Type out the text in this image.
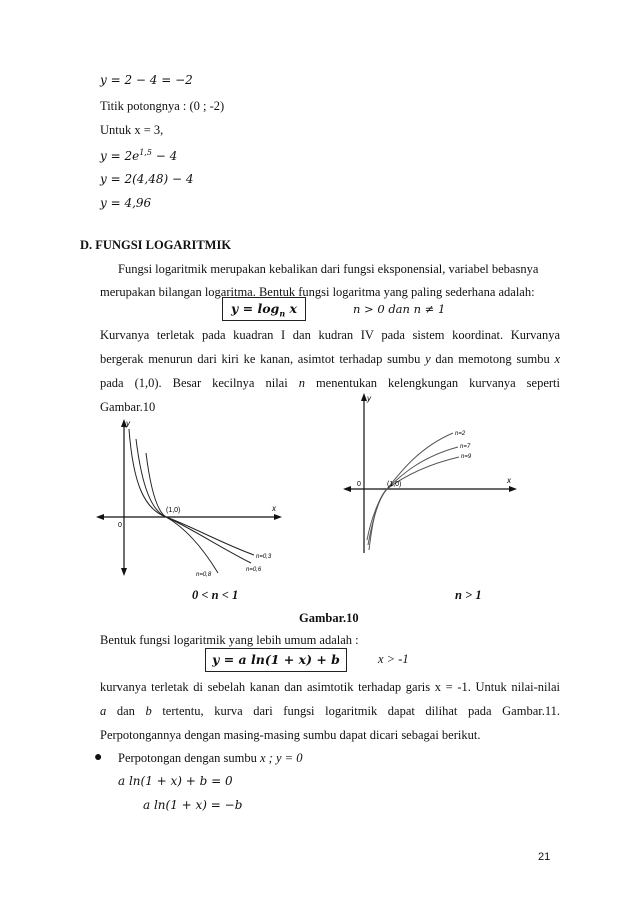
y = 2 − 4 = −2
Titik potongnya : (0 ; -2)
Untuk x = 3,
$y = 2e^{1,5} - 4$
y = 2(4,48) − 4
y = 4,96
D. FUNGSI LOGARITMIK
Fungsi logaritmik merupakan kebalikan dari fungsi eksponensial, variabel bebasnya
merupakan bilangan logaritma. Bentuk fungsi logaritma yang paling sederhana adalah:
$y = \log_n x$	n > 0 dan n ≠ 1
Kurvanya terletak pada kuadran I dan kudran IV pada sistem koordinat. Kurvanya
bergerak menurun dari kiri ke kanan, asimtot terhadap sumbu y dan memotong sumbu x
pada (1,0). Besar kecilnya nilai n menentukan kelengkungan kurvanya seperti
Gambar.10
y
x
0
(1,0)
n=0,3
n=0,6
n=0,8
y
x
0	(1,0)
n=2
n=7
n=9
0 < n < 1	n > 1
Gambar.10
Bentuk fungsi logaritmik yang lebih umum adalah :
y = a ln(1 + x) + b	x > -1
kurvanya terletak di sebelah kanan dan asimtotik terhadap garis x = -1. Untuk nilai-nilai
a dan b tertentu, kurva dari fungsi logaritmik dapat dilihat pada Gambar.11.
Perpotongannya dengan masing-masing sumbu dapat dicari sebagai berikut.
● Perpotongan dengan sumbu x ; y = 0
a ln(1 + x) + b = 0
a ln(1 + x) = −b
21
